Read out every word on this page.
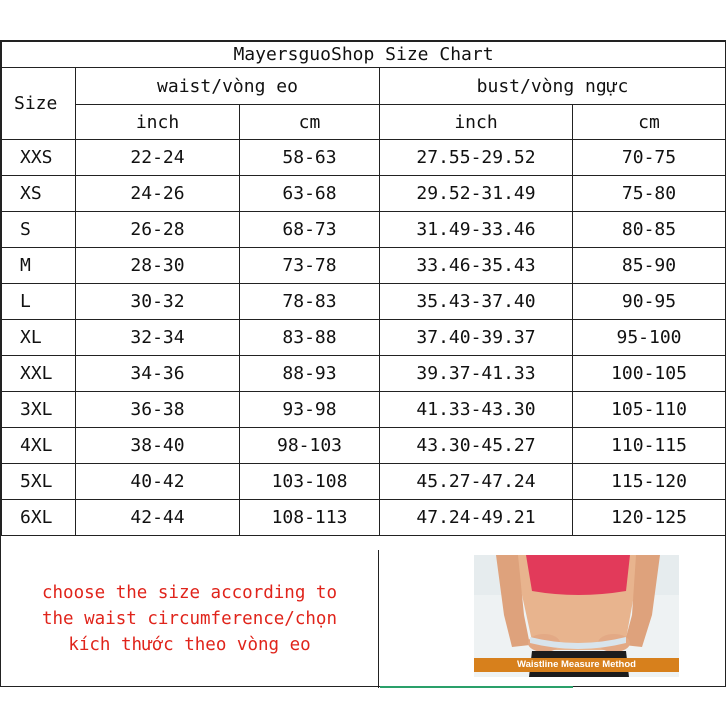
MayersguoShop Size Chart				
Size	waist/vòng eo		bust/vòng ngực	
	inch	cm	inch	cm
XXS	22-24	58-63	27.55-29.52	70-75
XS	24-26	63-68	29.52-31.49	75-80
S	26-28	68-73	31.49-33.46	80-85
M	28-30	73-78	33.46-35.43	85-90
L	30-32	78-83	35.43-37.40	90-95
XL	32-34	83-88	37.40-39.37	95-100
XXL	34-36	88-93	39.37-41.33	100-105
3XL	36-38	93-98	41.33-43.30	105-110
4XL	38-40	98-103	43.30-45.27	110-115
5XL	40-42	103-108	45.27-47.24	115-120
6XL	42-44	108-113	47.24-49.21	120-125
choose the size according to
the waist circumference/chọn
kích thước theo vòng eo
Waistline Measure Method
